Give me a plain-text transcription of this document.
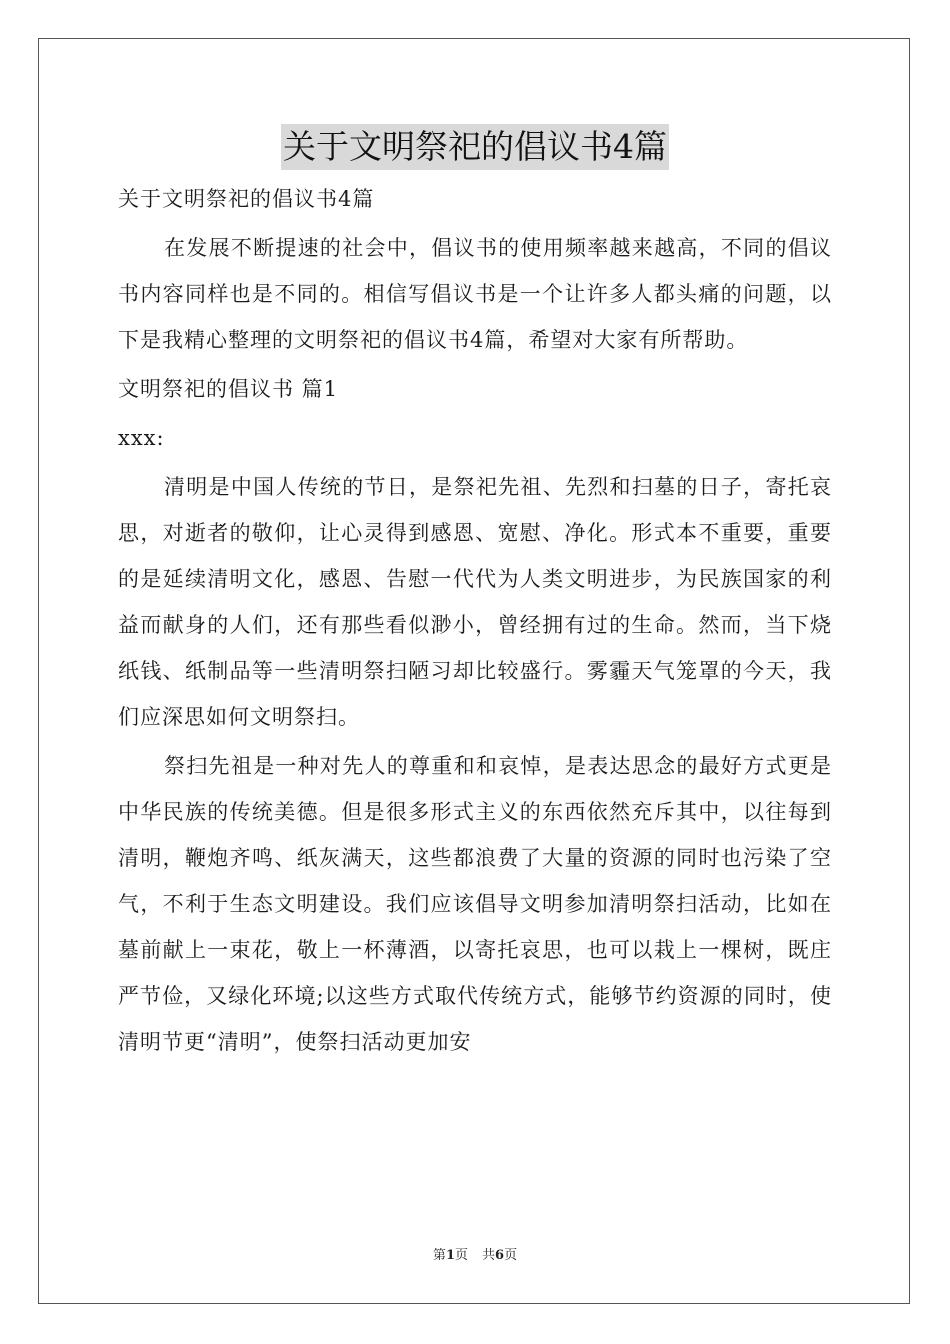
关于文明祭祀的倡议书4篇

关于文明祭祀的倡议书4篇

在发展不断提速的社会中，倡议书的使用频率越来越高，不同的倡议书内容同样也是不同的。相信写倡议书是一个让许多人都头痛的问题，以下是我精心整理的文明祭祀的倡议书4篇，希望对大家有所帮助。

文明祭祀的倡议书 篇1

xxx:

清明是中国人传统的节日，是祭祀先祖、先烈和扫墓的日子，寄托哀思，对逝者的敬仰，让心灵得到感恩、宽慰、净化。形式本不重要，重要的是延续清明文化，感恩、告慰一代代为人类文明进步，为民族国家的利益而献身的人们，还有那些看似渺小，曾经拥有过的生命。然而，当下烧纸钱、纸制品等一些清明祭扫陋习却比较盛行。雾霾天气笼罩的今天，我们应深思如何文明祭扫。

祭扫先祖是一种对先人的尊重和和哀悼，是表达思念的最好方式更是中华民族的传统美德。但是很多形式主义的东西依然充斥其中，以往每到清明，鞭炮齐鸣、纸灰满天，这些都浪费了大量的资源的同时也污染了空气，不利于生态文明建设。我们应该倡导文明参加清明祭扫活动，比如在墓前献上一束花，敬上一杯薄酒，以寄托哀思，也可以栽上一棵树，既庄严节俭，又绿化环境;以这些方式取代传统方式，能够节约资源的同时，使清明节更“清明”，使祭扫活动更加安

第1页 共6页
